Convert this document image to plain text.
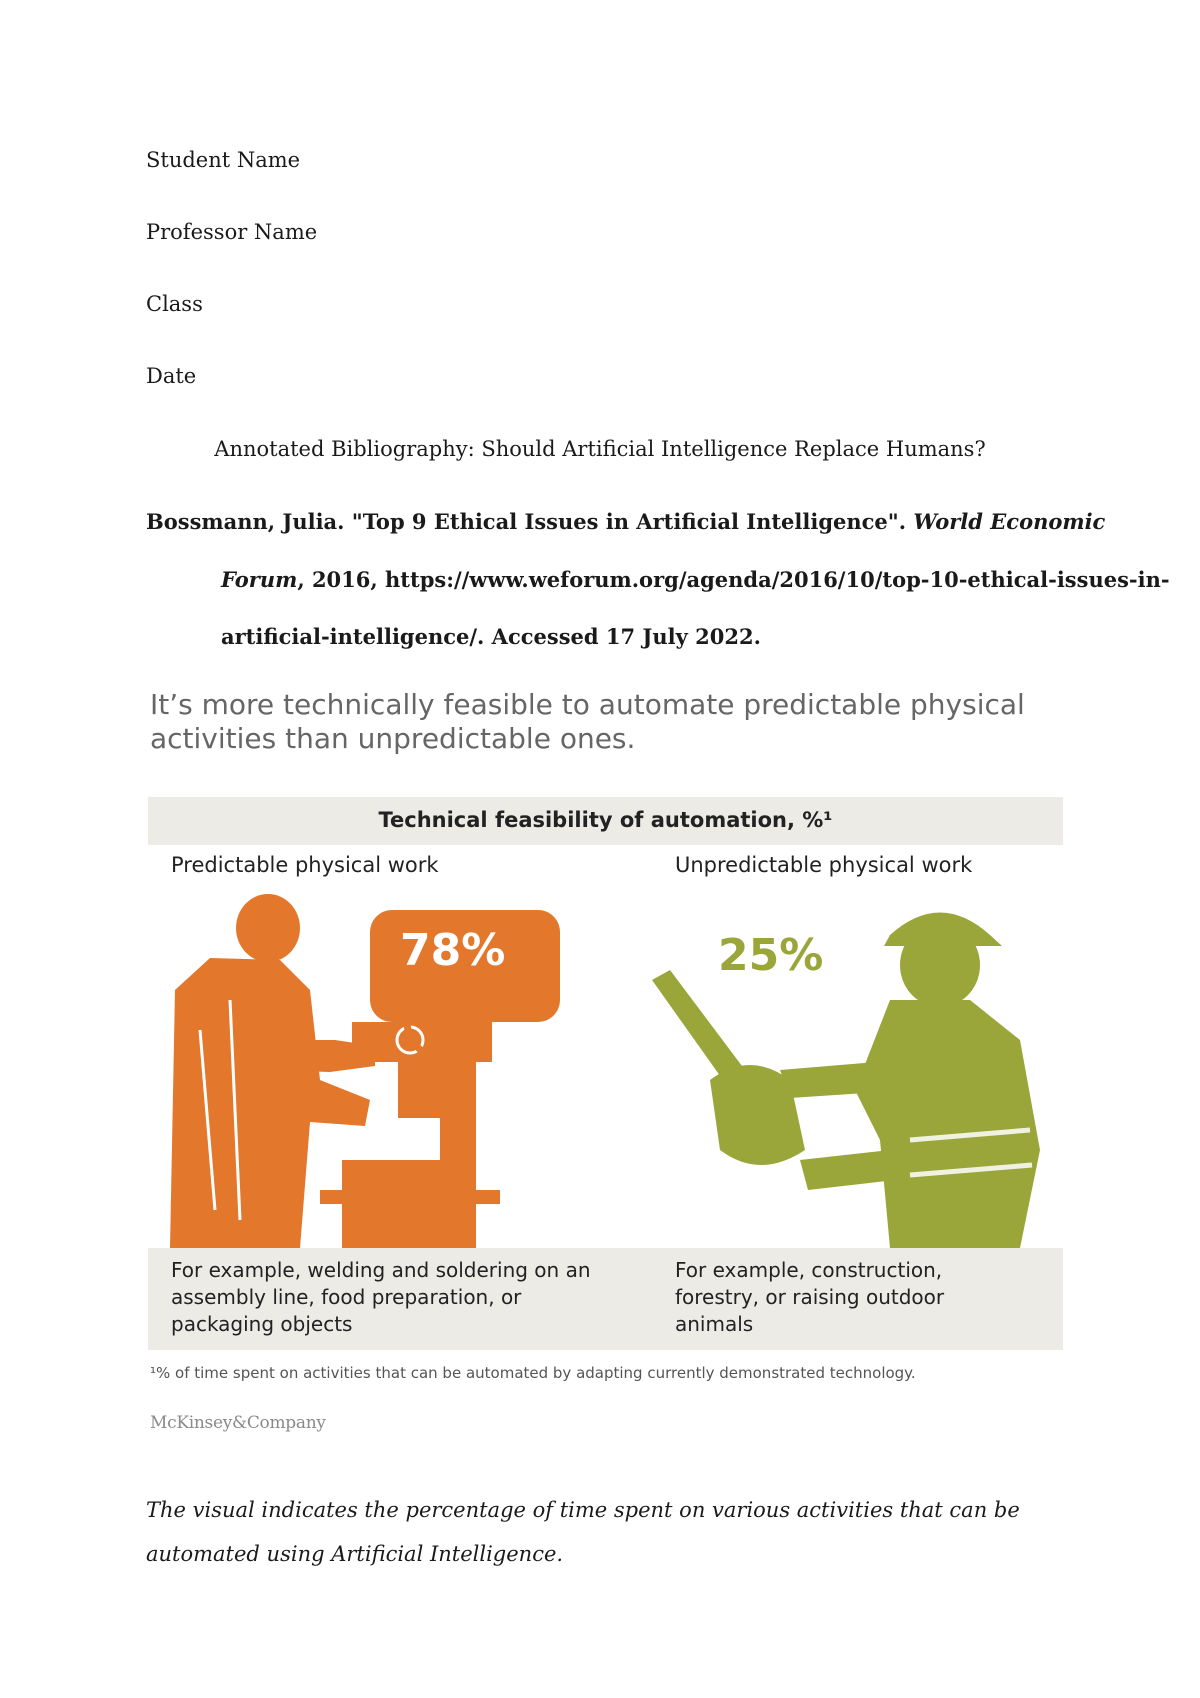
Student Name
Professor Name
Class
Date
Annotated Bibliography: Should Artificial Intelligence Replace Humans?
Bossmann, Julia. "Top 9 Ethical Issues in Artificial Intelligence". World Economic
Forum, 2016, https://www.weforum.org/agenda/2016/10/top-10-ethical-issues-in-
artificial-intelligence/. Accessed 17 July 2022.
It’s more technically feasible to automate predictable physical activities than unpredictable ones.
Technical feasibility of automation, %¹
Predictable physical work	Unpredictable physical work
78%	25%
For example, welding and soldering on an assembly line, food preparation, or packaging objects
For example, construction, forestry, or raising outdoor animals
¹% of time spent on activities that can be automated by adapting currently demonstrated technology.
McKinsey&Company
The visual indicates the percentage of time spent on various activities that can be automated using Artificial Intelligence.
